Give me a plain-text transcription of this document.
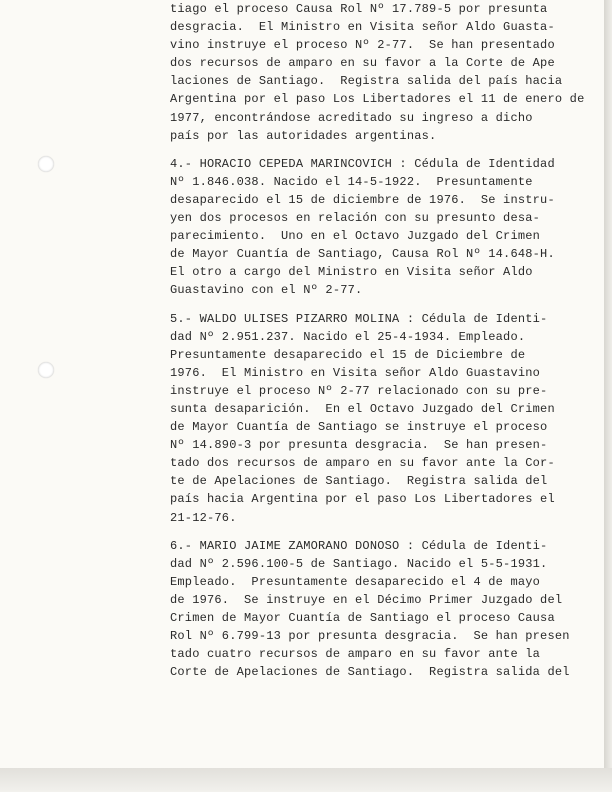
tiago el proceso Causa Rol Nº 17.789-5 por presunta
desgracia.  El Ministro en Visita señor Aldo Guasta-
vino instruye el proceso Nº 2-77.  Se han presentado
dos recursos de amparo en su favor a la Corte de Ape
laciones de Santiago.  Registra salida del país hacia
Argentina por el paso Los Libertadores el 11 de enero de
1977, encontrándose acreditado su ingreso a dicho
país por las autoridades argentinas.
4.- HORACIO CEPEDA MARINCOVICH : Cédula de Identidad
Nº 1.846.038. Nacido el 14-5-1922.  Presuntamente
desaparecido el 15 de diciembre de 1976.  Se instru-
yen dos procesos en relación con su presunto desa-
parecimiento.  Uno en el Octavo Juzgado del Crimen
de Mayor Cuantía de Santiago, Causa Rol Nº 14.648-H.
El otro a cargo del Ministro en Visita señor Aldo
Guastavino con el Nº 2-77.
5.- WALDO ULISES PIZARRO MOLINA : Cédula de Identi-
dad Nº 2.951.237. Nacido el 25-4-1934. Empleado.
Presuntamente desaparecido el 15 de Diciembre de
1976.  El Ministro en Visita señor Aldo Guastavino
instruye el proceso Nº 2-77 relacionado con su pre-
sunta desaparición.  En el Octavo Juzgado del Crimen
de Mayor Cuantía de Santiago se instruye el proceso
Nº 14.890-3 por presunta desgracia.  Se han presen-
tado dos recursos de amparo en su favor ante la Cor-
te de Apelaciones de Santiago.  Registra salida del
país hacia Argentina por el paso Los Libertadores el
21-12-76.
6.- MARIO JAIME ZAMORANO DONOSO : Cédula de Identi-
dad Nº 2.596.100-5 de Santiago. Nacido el 5-5-1931.
Empleado.  Presuntamente desaparecido el 4 de mayo
de 1976.  Se instruye en el Décimo Primer Juzgado del
Crimen de Mayor Cuantía de Santiago el proceso Causa
Rol Nº 6.799-13 por presunta desgracia.  Se han presen
tado cuatro recursos de amparo en su favor ante la
Corte de Apelaciones de Santiago.  Registra salida del
